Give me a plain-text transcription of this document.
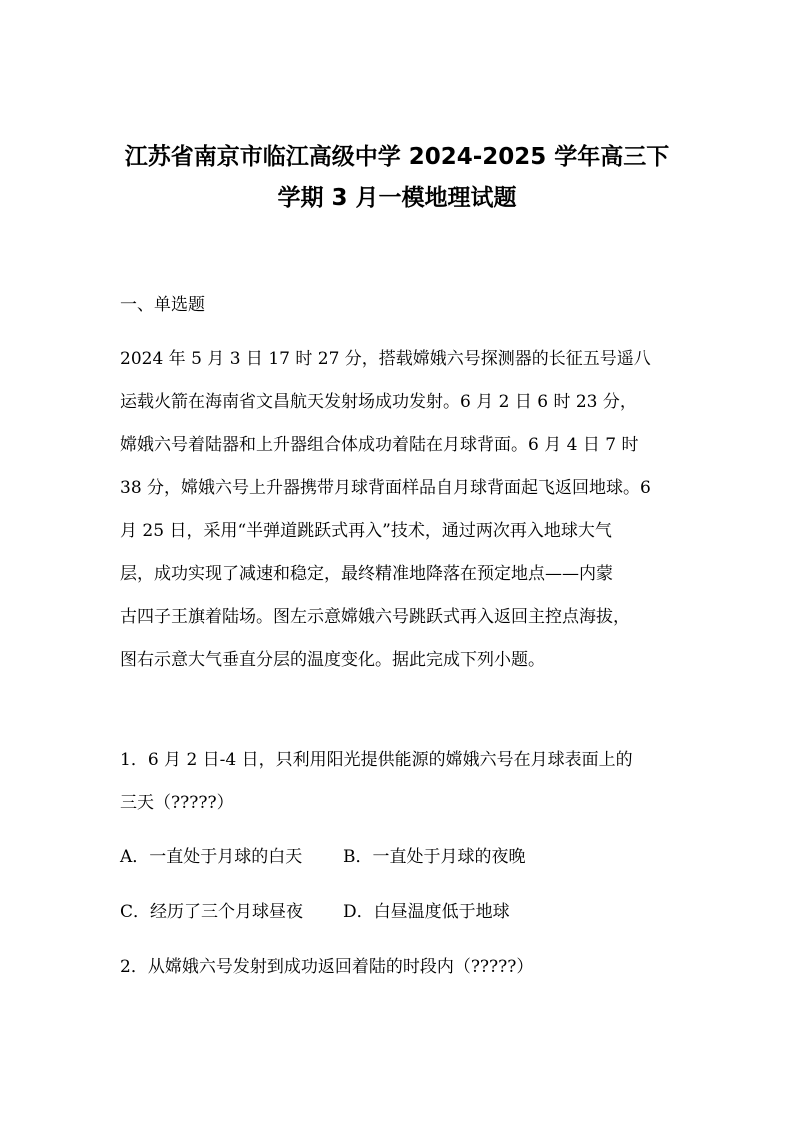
江苏省南京市临江高级中学 2024-2025 学年高三下
学期 3 月一模地理试题
一、单选题
2024 年 5 月 3 日 17 时 27 分，搭载嫦娥六号探测器的长征五号遥八
运载火箭在海南省文昌航天发射场成功发射。6 月 2 日 6 时 23 分，
嫦娥六号着陆器和上升器组合体成功着陆在月球背面。6 月 4 日 7 时
38 分，嫦娥六号上升器携带月球背面样品自月球背面起飞返回地球。6
月 25 日，采用“半弹道跳跃式再入”技术，通过两次再入地球大气
层，成功实现了减速和稳定，最终精准地降落在预定地点——内蒙
古四子王旗着陆场。图左示意嫦娥六号跳跃式再入返回主控点海拔，
图右示意大气垂直分层的温度变化。据此完成下列小题。
1．6 月 2 日-4 日，只利用阳光提供能源的嫦娥六号在月球表面上的
三天（?????）
A．一直处于月球的白天 B．一直处于月球的夜晚
C．经历了三个月球昼夜 D．白昼温度低于地球
2．从嫦娥六号发射到成功返回着陆的时段内（?????）
